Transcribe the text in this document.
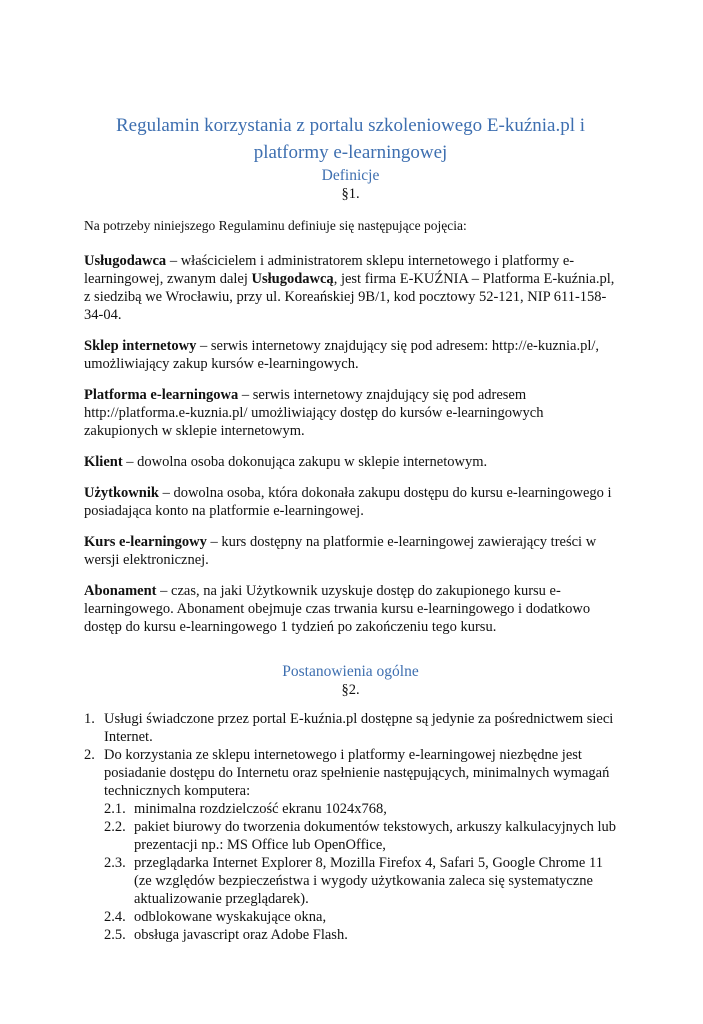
Regulamin korzystania z portalu szkoleniowego E-kuźnia.pl i platformy e-learningowej
Definicje
§1.

Na potrzeby niniejszego Regulaminu definiuje się następujące pojęcia:

Usługodawca – właścicielem i administratorem sklepu internetowego i platformy e-learningowej, zwanym dalej Usługodawcą, jest firma E-KUŹNIA – Platforma E-kuźnia.pl, z siedzibą we Wrocławiu, przy ul. Koreańskiej 9B/1, kod pocztowy 52-121, NIP 611-158-34-04.

Sklep internetowy – serwis internetowy znajdujący się pod adresem: http://e-kuznia.pl/, umożliwiający zakup kursów e-learningowych.

Platforma e-learningowa – serwis internetowy znajdujący się pod adresem http://platforma.e-kuznia.pl/ umożliwiający dostęp do kursów e-learningowych zakupionych w sklepie internetowym.

Klient – dowolna osoba dokonująca zakupu w sklepie internetowym.

Użytkownik – dowolna osoba, która dokonała zakupu dostępu do kursu e-learningowego i posiadająca konto na platformie e-learningowej.

Kurs e-learningowy – kurs dostępny na platformie e-learningowej zawierający treści w wersji elektronicznej.

Abonament – czas, na jaki Użytkownik uzyskuje dostęp do zakupionego kursu e-learningowego. Abonament obejmuje czas trwania kursu e-learningowego i dodatkowo dostęp do kursu e-learningowego 1 tydzień po zakończeniu tego kursu.

Postanowienia ogólne
§2.
1. Usługi świadczone przez portal E-kuźnia.pl dostępne są jedynie za pośrednictwem sieci Internet.
2. Do korzystania ze sklepu internetowego i platformy e-learningowej niezbędne jest posiadanie dostępu do Internetu oraz spełnienie następujących, minimalnych wymagań technicznych komputera:
2.1. minimalna rozdzielczość ekranu 1024x768,
2.2. pakiet biurowy do tworzenia dokumentów tekstowych, arkuszy kalkulacyjnych lub prezentacji np.: MS Office lub OpenOffice,
2.3. przeglądarka Internet Explorer 8, Mozilla Firefox 4, Safari 5, Google Chrome 11 (ze względów bezpieczeństwa i wygody użytkowania zaleca się systematyczne aktualizowanie przeglądarek).
2.4. odblokowane wyskakujące okna,
2.5. obsługa javascript oraz Adobe Flash.
